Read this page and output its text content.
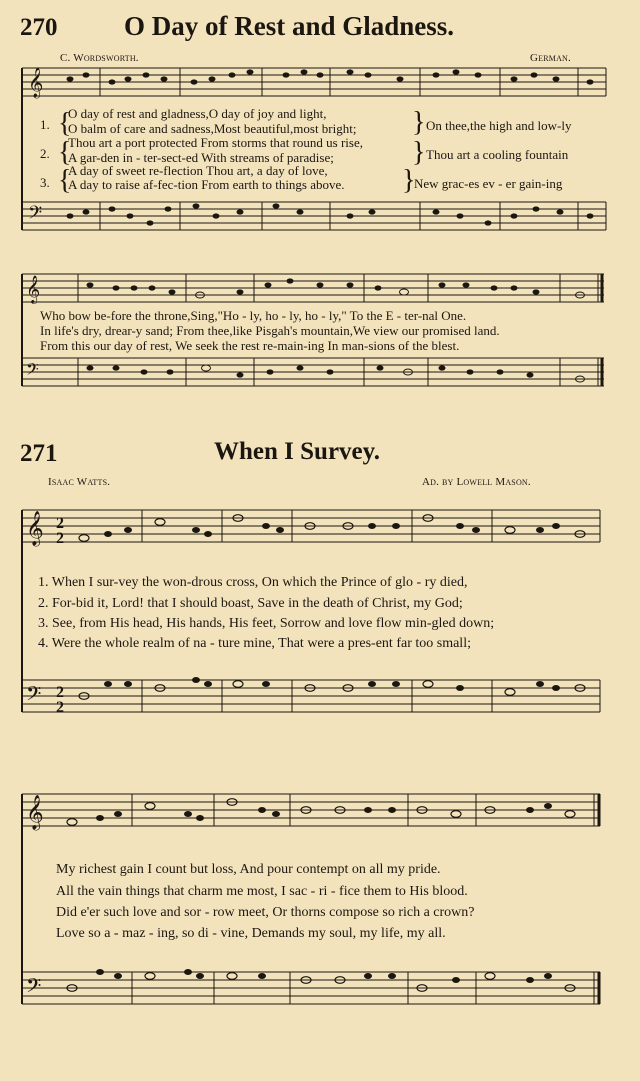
270 O Day of Rest and Gladness.
C. Wordsworth.	German.
𝄞
𝄢
1.
2.
3.
O day of rest and gladness,O day of joy and light,
O balm of care and sadness,Most beautiful,most bright;
Thou art a port protected From storms that round us rise,
A gar-den in - ter-sect-ed With streams of paradise;
A day of sweet re-flection Thou art, a day of love,
A day to raise af-fec-tion From earth to things above.
{
{
{
}
}
}
On thee,the high and low-ly
Thou art a cooling fountain
New grac-es ev - er gain-ing
𝄞
𝄢
Who bow be-fore the throne,Sing,"Ho - ly, ho - ly, ho - ly," To the E - ter-nal One.
In life's dry, drear-y sand; From thee,like Pisgah's mountain,We view our promised land.
From this our day of rest, We seek the rest re-main-ing In man-sions of the blest.
271	When I Survey.
Isaac Watts.	Ad. by Lowell Mason.
𝄞 2
2
𝄢 2
2
1. When I sur-vey the won-drous cross, On which the Prince of glo - ry died,
2. For-bid it, Lord! that I should boast, Save in the death of Christ, my God;
3. See, from His head, His hands, His feet, Sorrow and love flow min-gled down;
4. Were the whole realm of na - ture mine, That were a pres-ent far too small;
𝄞
𝄢
My richest gain I count but loss, And pour contempt on all my pride.
All the vain things that charm me most, I sac - ri - fice them to His blood.
Did e'er such love and sor - row meet, Or thorns compose so rich a crown?
Love so a - maz - ing, so di - vine, Demands my soul, my life, my all.
